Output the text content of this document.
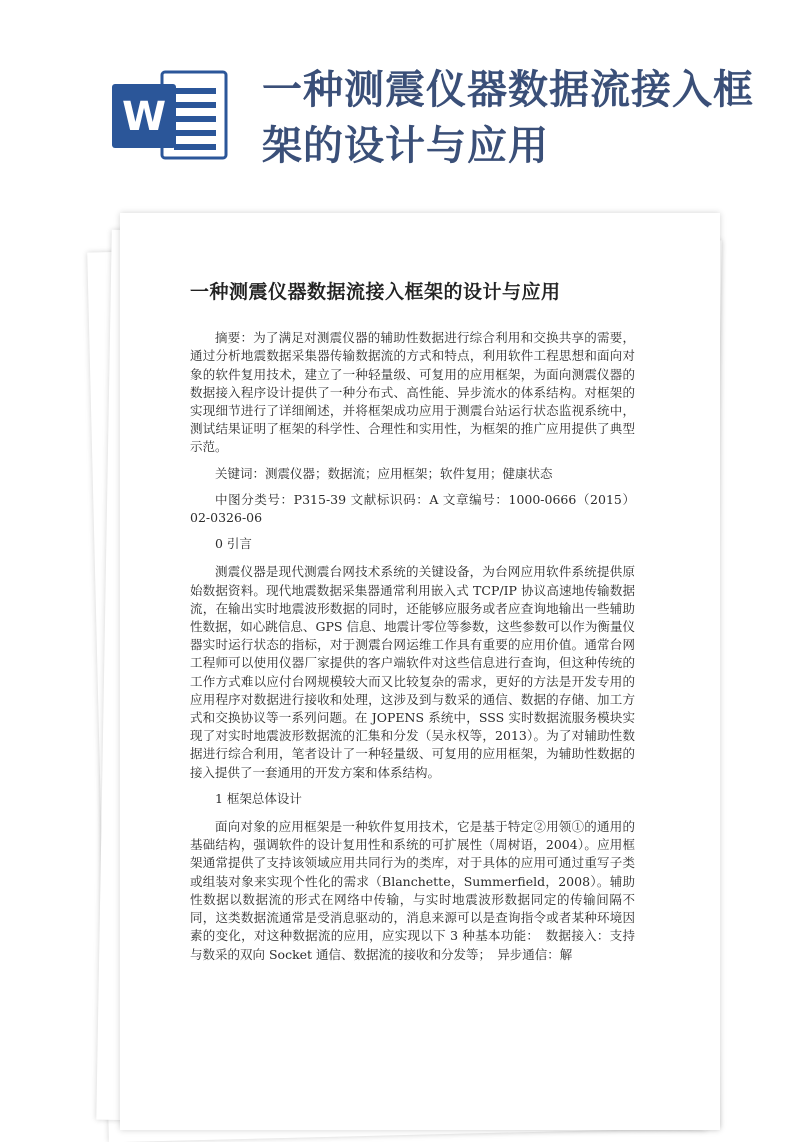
W
一种测震仪器数据流接入框架的设计与应用
一种测震仪器数据流接入框架的设计与应用

摘要：为了满足对测震仪器的辅助性数据进行综合利用和交换共享的需要，通过分析地震数据采集器传输数据流的方式和特点，利用软件工程思想和面向对象的软件复用技术，建立了一种轻量级、可复用的应用框架，为面向测震仪器的数据接入程序设计提供了一种分布式、高性能、异步流水的体系结构。对框架的实现细节进行了详细阐述，并将框架成功应用于测震台站运行状态监视系统中，测试结果证明了框架的科学性、合理性和实用性，为框架的推广应用提供了典型示范。

关键词：测震仪器；数据流；应用框架；软件复用；健康状态

中图分类号：P315-39 文献标识码：A 文章编号：1000-0666（2015）02-0326-06

0 引言

测震仪器是现代测震台网技术系统的关键设备，为台网应用软件系统提供原始数据资料。现代地震数据采集器通常利用嵌入式 TCP/IP 协议高速地传输数据流，在输出实时地震波形数据的同时，还能够应服务或者应查询地输出一些辅助性数据，如心跳信息、GPS 信息、地震计零位等参数，这些参数可以作为衡量仪器实时运行状态的指标，对于测震台网运维工作具有重要的应用价值。通常台网工程师可以使用仪器厂家提供的客户端软件对这些信息进行查询，但这种传统的工作方式难以应付台网规模较大而又比较复杂的需求，更好的方法是开发专用的应用程序对数据进行接收和处理，这涉及到与数采的通信、数据的存储、加工方式和交换协议等一系列问题。在 JOPENS 系统中，SSS 实时数据流服务模块实现了对实时地震波形数据流的汇集和分发（吴永权等，2013）。为了对辅助性数据进行综合利用，笔者设计了一种轻量级、可复用的应用框架，为辅助性数据的接入提供了一套通用的开发方案和体系结构。

1 框架总体设计

面向对象的应用框架是一种软件复用技术，它是基于特定②用领①的通用的基础结构，强调软件的设计复用性和系统的可扩展性（周树语，2004）。应用框架通常提供了支持该领域应用共同行为的类库，对于具体的应用可通过重写子类或组装对象来实现个性化的需求（Blanchette，Summerfield，2008）。辅助性数据以数据流的形式在网络中传输，与实时地震波形数据同定的传输间隔不同，这类数据流通常是受消息驱动的，消息来源可以是查询指令或者某种环境因素的变化，对这种数据流的应用，应实现以下 3 种基本功能：　数据接入：支持与数采的双向 Socket 通信、数据流的接收和分发等；　异步通信：解
